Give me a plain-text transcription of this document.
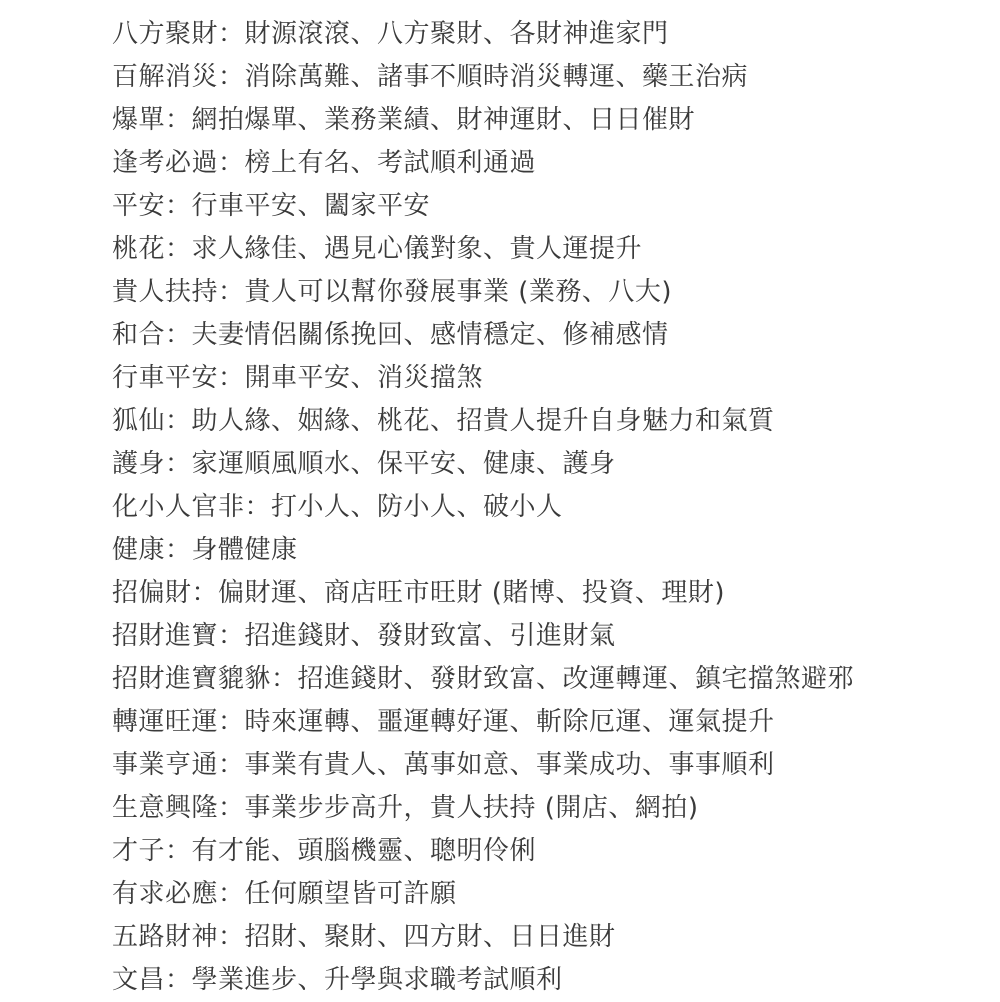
八方聚財：財源滾滾、八方聚財、各財神進家門
百解消災：消除萬難、諸事不順時消災轉運、藥王治病
爆單：網拍爆單、業務業績、財神運財、日日催財
逢考必過：榜上有名、考試順利通過
平安：行車平安、闔家平安
桃花：求人緣佳、遇見心儀對象、貴人運提升
貴人扶持：貴人可以幫你發展事業 (業務、八大)
和合：夫妻情侶關係挽回、感情穩定、修補感情
行車平安：開車平安、消災擋煞
狐仙：助人緣、姻緣、桃花、招貴人提升自身魅力和氣質
護身：家運順風順水、保平安、健康、護身
化小人官非：打小人、防小人、破小人
健康：身體健康
招偏財：偏財運、商店旺市旺財 (賭博、投資、理財)
招財進寶：招進錢財、發財致富、引進財氣
招財進寶貔貅：招進錢財、發財致富、改運轉運、鎮宅擋煞避邪
轉運旺運：時來運轉、噩運轉好運、斬除厄運、運氣提升
事業亨通：事業有貴人、萬事如意、事業成功、事事順利
生意興隆：事業步步高升，貴人扶持 (開店、網拍)
才子：有才能、頭腦機靈、聰明伶俐
有求必應：任何願望皆可許願
五路財神：招財、聚財、四方財、日日進財
文昌：學業進步、升學與求職考試順利
